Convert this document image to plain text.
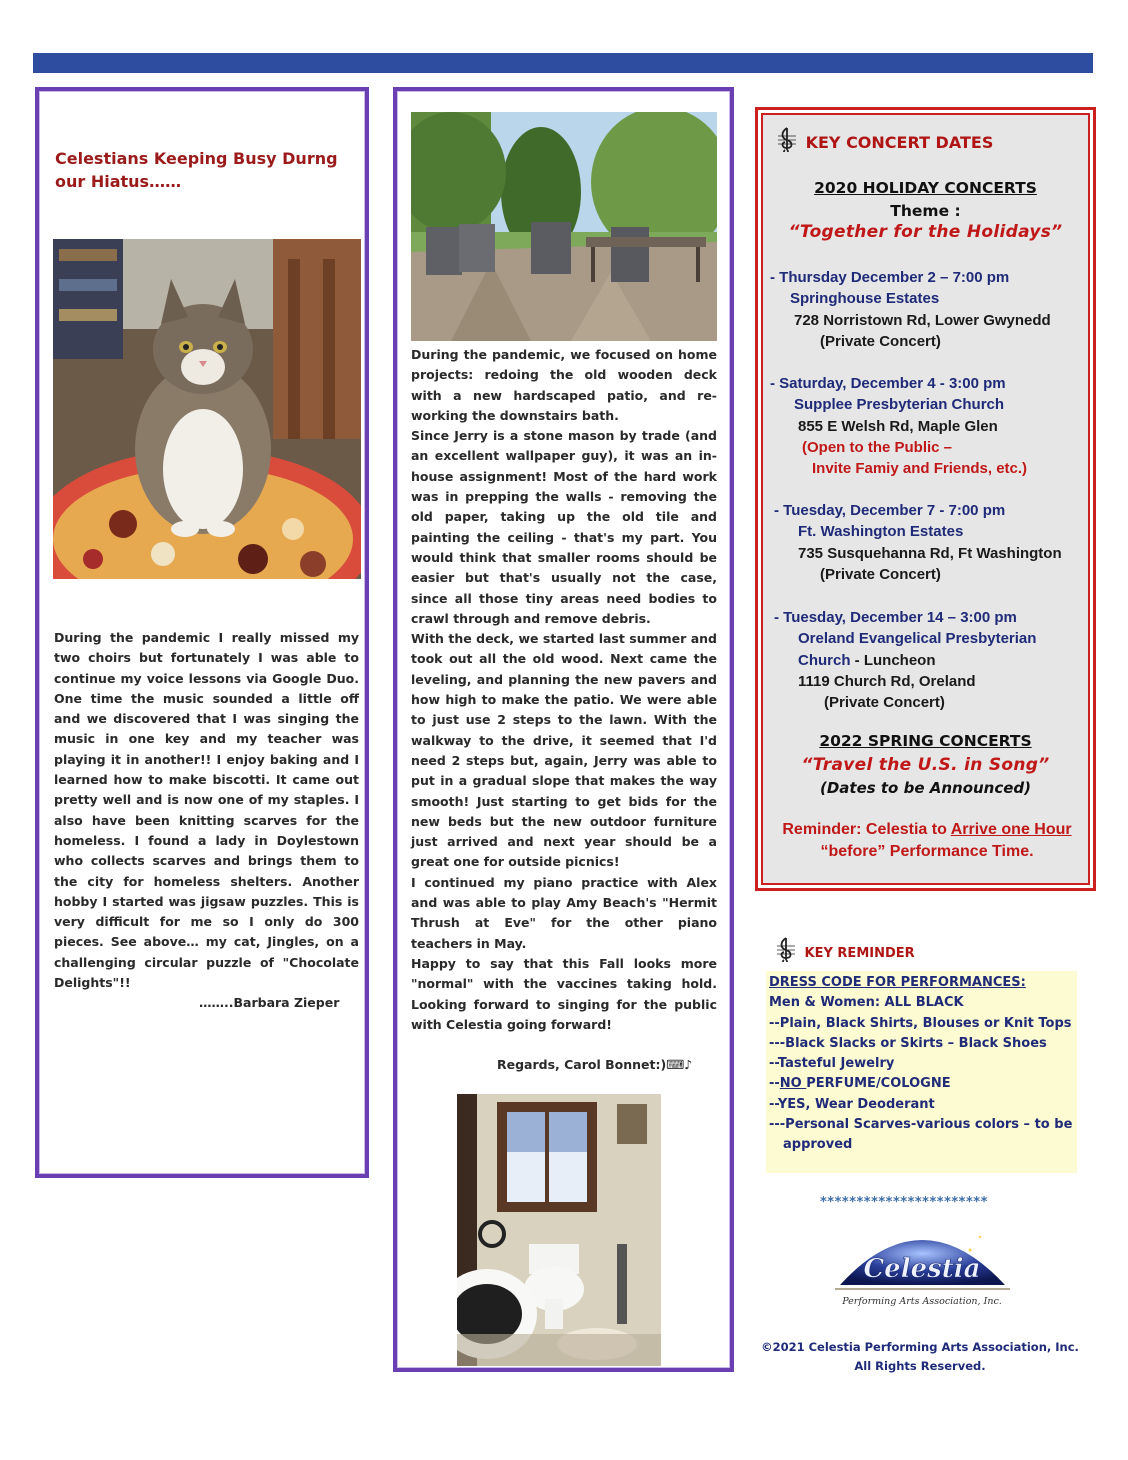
Celestians Keeping Busy Durng our Hiatus……
During the pandemic I really missed my two choirs but fortunately I was able to continue my voice lessons via Google Duo. One time the music sounded a little off and we discovered that I was singing the music in one key and my teacher was playing it in another!! I enjoy baking and I learned how to make biscotti. It came out pretty well and is now one of my staples. I also have been knitting scarves for the homeless. I found a lady in Doylestown who collects scarves and brings them to the city for homeless shelters. Another hobby I started was jigsaw puzzles. This is very difficult for me so I only do 300 pieces. See above… my cat, Jingles, on a challenging circular puzzle of "Chocolate Delights"!!
……..Barbara Zieper

During the pandemic, we focused on home projects: redoing the old wooden deck with a new hardscaped patio, and re-working the downstairs bath.

Since Jerry is a stone mason by trade (and an excellent wallpaper guy), it was an in-house assignment! Most of the hard work was in prepping the walls - removing the old paper, taking up the old tile and painting the ceiling - that's my part. You would think that smaller rooms should be easier but that's usually not the case, since all those tiny areas need bodies to crawl through and remove debris.

With the deck, we started last summer and took out all the old wood. Next came the leveling, and planning the new pavers and how high to make the patio. We were able to just use 2 steps to the lawn. With the walkway to the drive, it seemed that I'd need 2 steps but, again, Jerry was able to put in a gradual slope that makes the way smooth! Just starting to get bids for the new beds but the new outdoor furniture just arrived and next year should be a great one for outside picnics!

I continued my piano practice with Alex and was able to play Amy Beach's "Hermit Thrush at Eve" for the other piano teachers in May.

Happy to say that this Fall looks more "normal" with the vaccines taking hold. Looking forward to singing for the public with Celestia going forward!

Regards, Carol Bonnet:)⌨♪
KEY CONCERT DATES
2020 HOLIDAY CONCERTS
Theme :
“Together for the Holidays”
- Thursday December 2 – 7:00 pm
Springhouse Estates
728 Norristown Rd, Lower Gwynedd
(Private Concert)
- Saturday, December 4 - 3:00 pm
Supplee Presbyterian Church
855 E Welsh Rd, Maple Glen
(Open to the Public –
Invite Famiy and Friends, etc.)
- Tuesday, December 7 - 7:00 pm
Ft. Washington Estates
735 Susquehanna Rd, Ft Washington
(Private Concert)
- Tuesday, December 14 – 3:00 pm
Oreland Evangelical Presbyterian
Church - Luncheon
1119 Church Rd, Oreland
(Private Concert)
2022 SPRING CONCERTS
“Travel the U.S. in Song”
(Dates to be Announced)
Reminder: Celestia to Arrive one Hour “before” Performance Time.
KEY REMINDER
DRESS CODE FOR PERFORMANCES:
Men & Women: ALL BLACK
--Plain, Black Shirts, Blouses or Knit Tops
---Black Slacks or Skirts – Black Shoes
--Tasteful Jewelry
--NO PERFUME/COLOGNE
--YES, Wear Deoderant
---Personal Scarves-various colors – to be
approved
***********************
Celestia
Performing Arts Association, Inc.
©2021 Celestia Performing Arts Association, Inc.
All Rights Reserved.
